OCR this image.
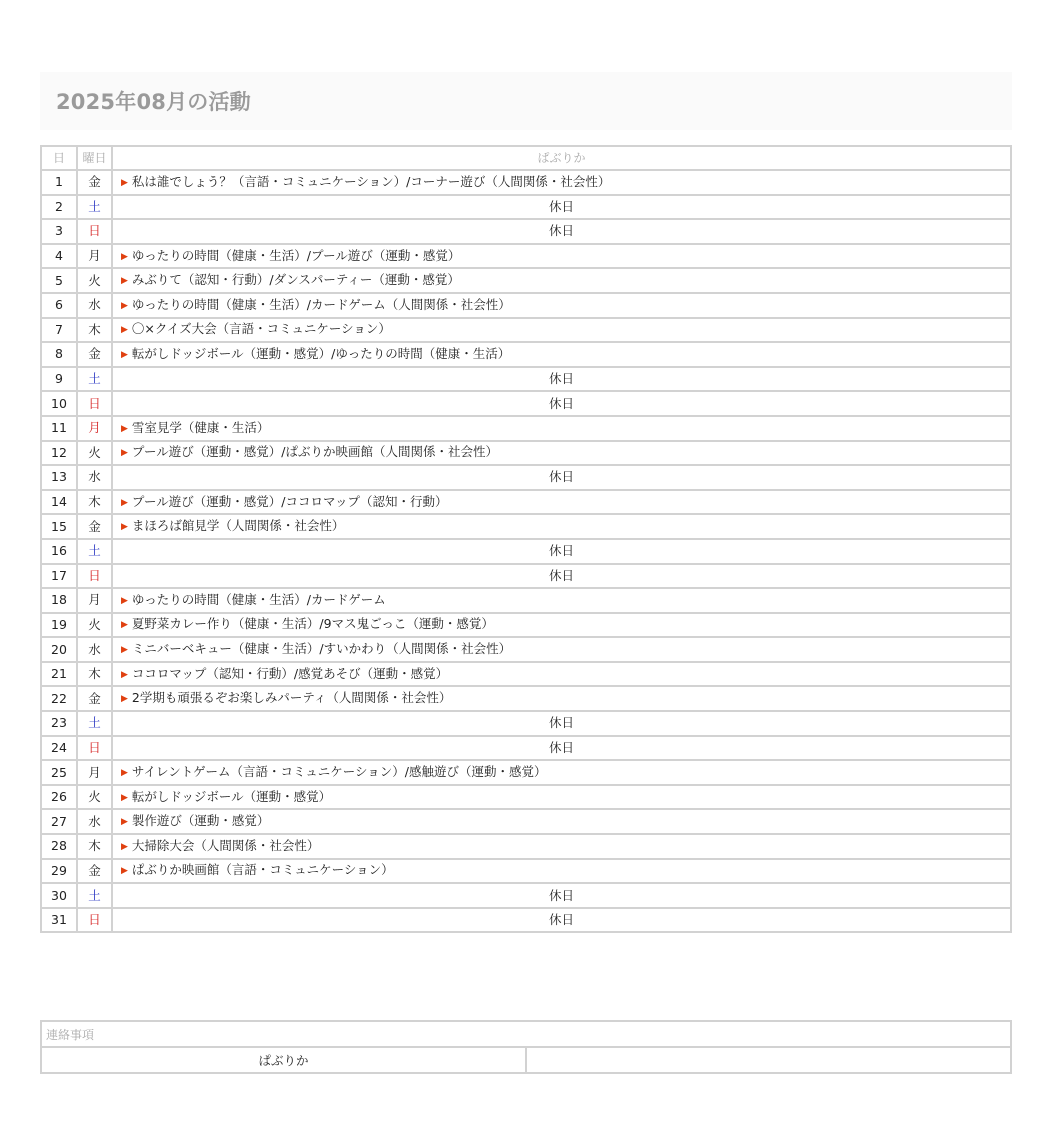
2025年08月の活動
日	曜日	ぱぶりか
1	金	▶ 私は誰でしょう？（言語・コミュニケーション）/コーナー遊び（人間関係・社会性）
2	土	休日
3	日	休日
4	月	▶ ゆったりの時間（健康・生活）/プール遊び（運動・感覚）
5	火	▶ みぶりて（認知・行動）/ダンスパーティー（運動・感覚）
6	水	▶ ゆったりの時間（健康・生活）/カードゲーム（人間関係・社会性）
7	木	▶ 〇×クイズ大会（言語・コミュニケーション）
8	金	▶ 転がしドッジボール（運動・感覚）/ゆったりの時間（健康・生活）
9	土	休日
10	日	休日
11	月	▶ 雪室見学（健康・生活）
12	火	▶ プール遊び（運動・感覚）/ぱぶりか映画館（人間関係・社会性）
13	水	休日
14	木	▶ プール遊び（運動・感覚）/ココロマップ（認知・行動）
15	金	▶ まほろば館見学（人間関係・社会性）
16	土	休日
17	日	休日
18	月	▶ ゆったりの時間（健康・生活）/カードゲーム
19	火	▶ 夏野菜カレー作り（健康・生活）/9マス鬼ごっこ（運動・感覚）
20	水	▶ ミニバーベキュー（健康・生活）/すいかわり（人間関係・社会性）
21	木	▶ ココロマップ（認知・行動）/感覚あそび（運動・感覚）
22	金	▶ 2学期も頑張るぞお楽しみパーティ（人間関係・社会性）
23	土	休日
24	日	休日
25	月	▶ サイレントゲーム（言語・コミュニケーション）/感触遊び（運動・感覚）
26	火	▶ 転がしドッジボール（運動・感覚）
27	水	▶ 製作遊び（運動・感覚）
28	木	▶ 大掃除大会（人間関係・社会性）
29	金	▶ ぱぶりか映画館（言語・コミュニケーション）
30	土	休日
31	日	休日
連絡事項
ぱぶりか	
